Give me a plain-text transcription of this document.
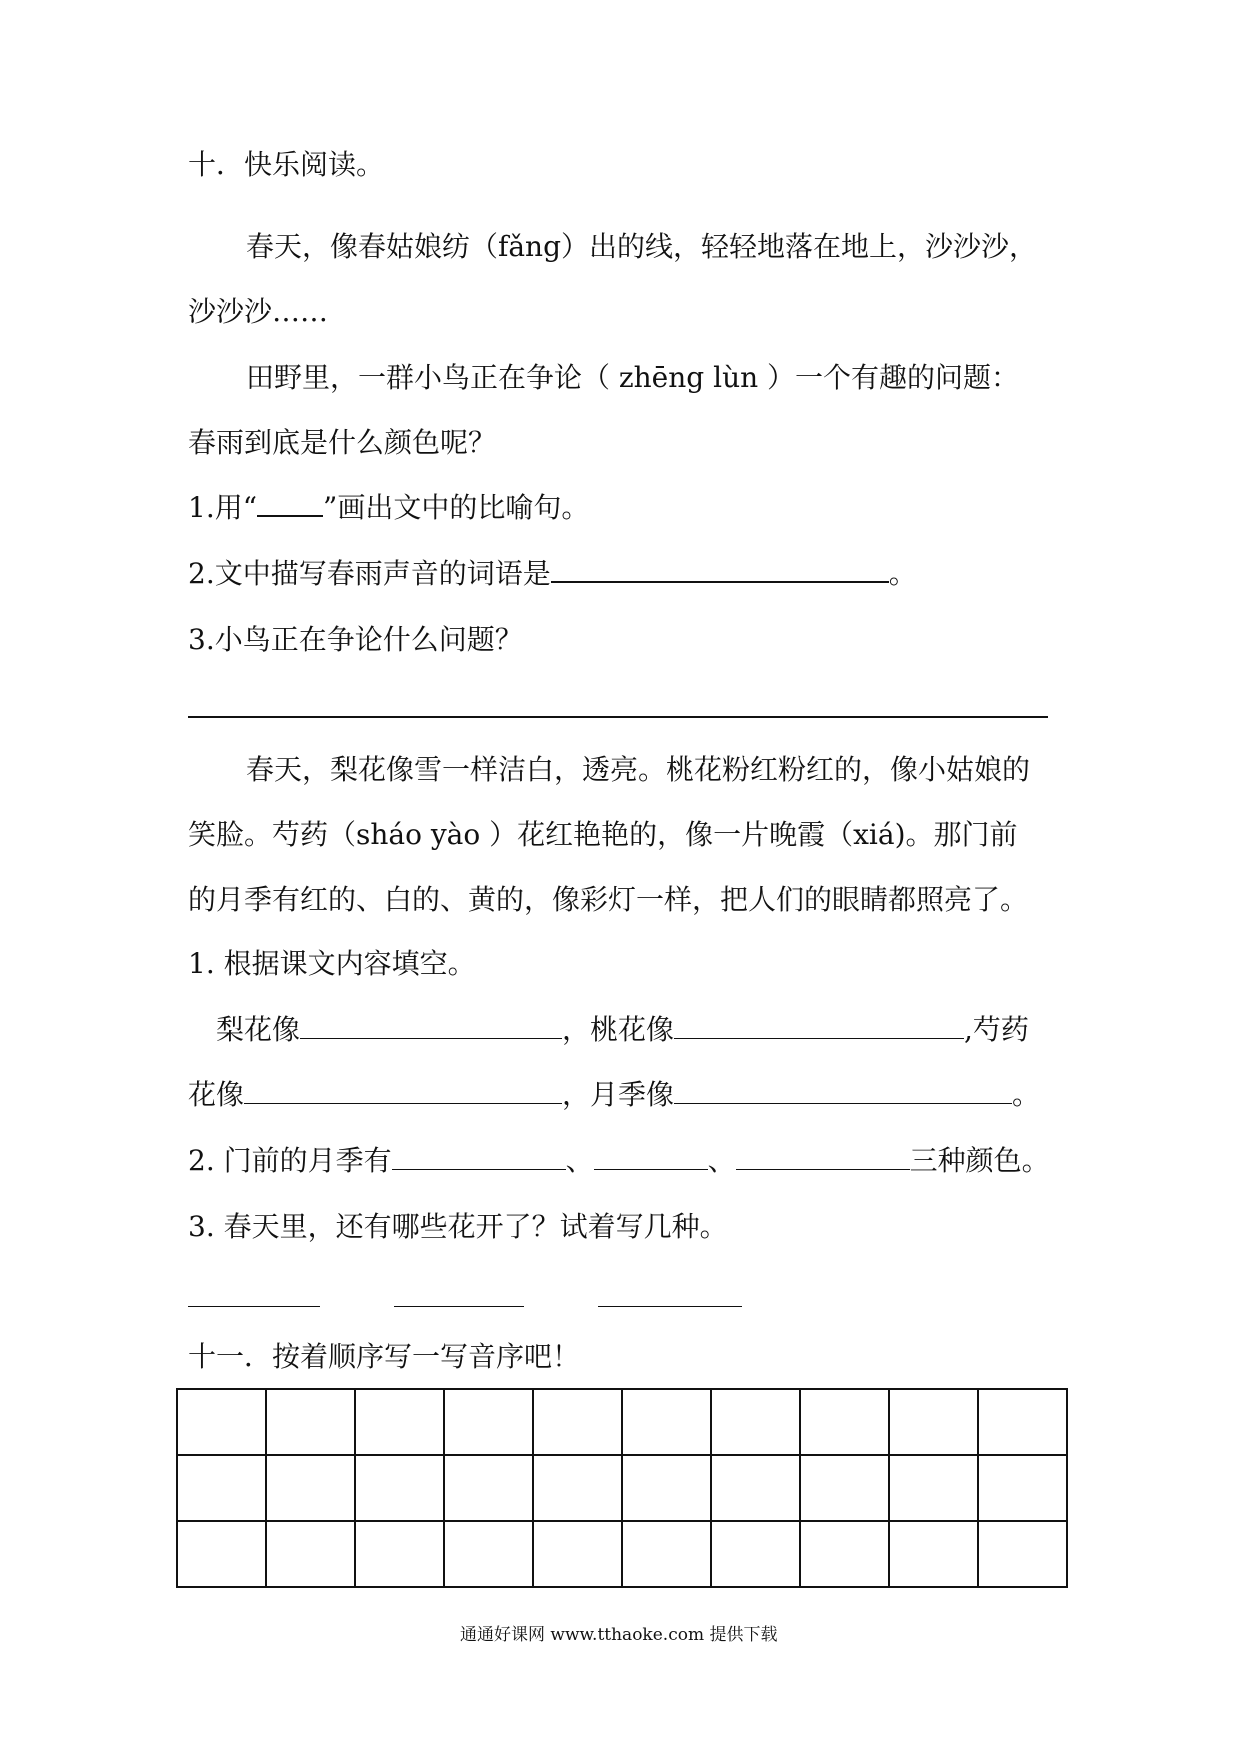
十．快乐阅读。
春天，像春姑娘纺（fǎng）出的线，轻轻地落在地上，沙沙沙，
沙沙沙……
田野里，一群小鸟正在争论（ zhēng lùn ）一个有趣的问题：
春雨到底是什么颜色呢？
1.用“ ”画出文中的比喻句。
2.文中描写春雨声音的词语是	。
3.小鸟正在争论什么问题？
春天，梨花像雪一样洁白，透亮。桃花粉红粉红的，像小姑娘的
笑脸。芍药（sháo yào ）花红艳艳的，像一片晚霞（xiá)。那门前
的月季有红的、白的、黄的，像彩灯一样，把人们的眼睛都照亮了。
1. 根据课文内容填空。
梨花像	，桃花像	,芍药
花像	，月季像	。
2. 门前的月季有	、	、	三种颜色。
3. 春天里，还有哪些花开了？试着写几种。
十一．按着顺序写一写音序吧！

通通好课网 www.tthaoke.com 提供下载
